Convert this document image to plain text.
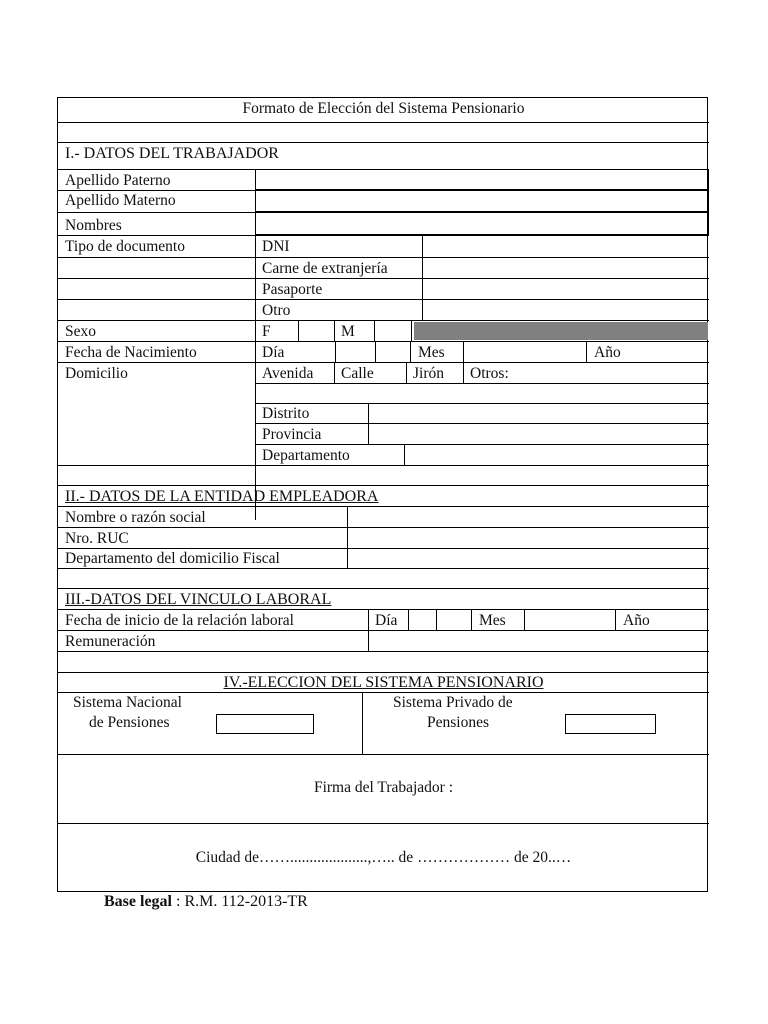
Formato de Elección del Sistema Pensionario
I.- DATOS DEL TRABAJADOR
Apellido Paterno
Apellido Materno
Nombres
Tipo de documento	DNI
Carne de extranjería
Pasaporte
Otro
Sexo	F	M
Fecha de Nacimiento	Día	Mes	Año
Domicilio	Avenida Calle	Jirón Otros:
Distrito
Provincia
Departamento
II.- DATOS DE LA ENTIDAD EMPLEADORA
Nombre o razón social
Nro. RUC
Departamento del domicilio Fiscal
III.-DATOS DEL VINCULO LABORAL
Fecha de inicio de la relación laboral	Día	Mes	Año
Remuneración
IV.-ELECCION DEL SISTEMA PENSIONARIO
Sistema Nacional
de Pensiones
Sistema Privado de
Pensiones
Firma del Trabajador :
Ciudad de……....................,….. de ……………… de 20..…
Base legal : R.M. 112-2013-TR
